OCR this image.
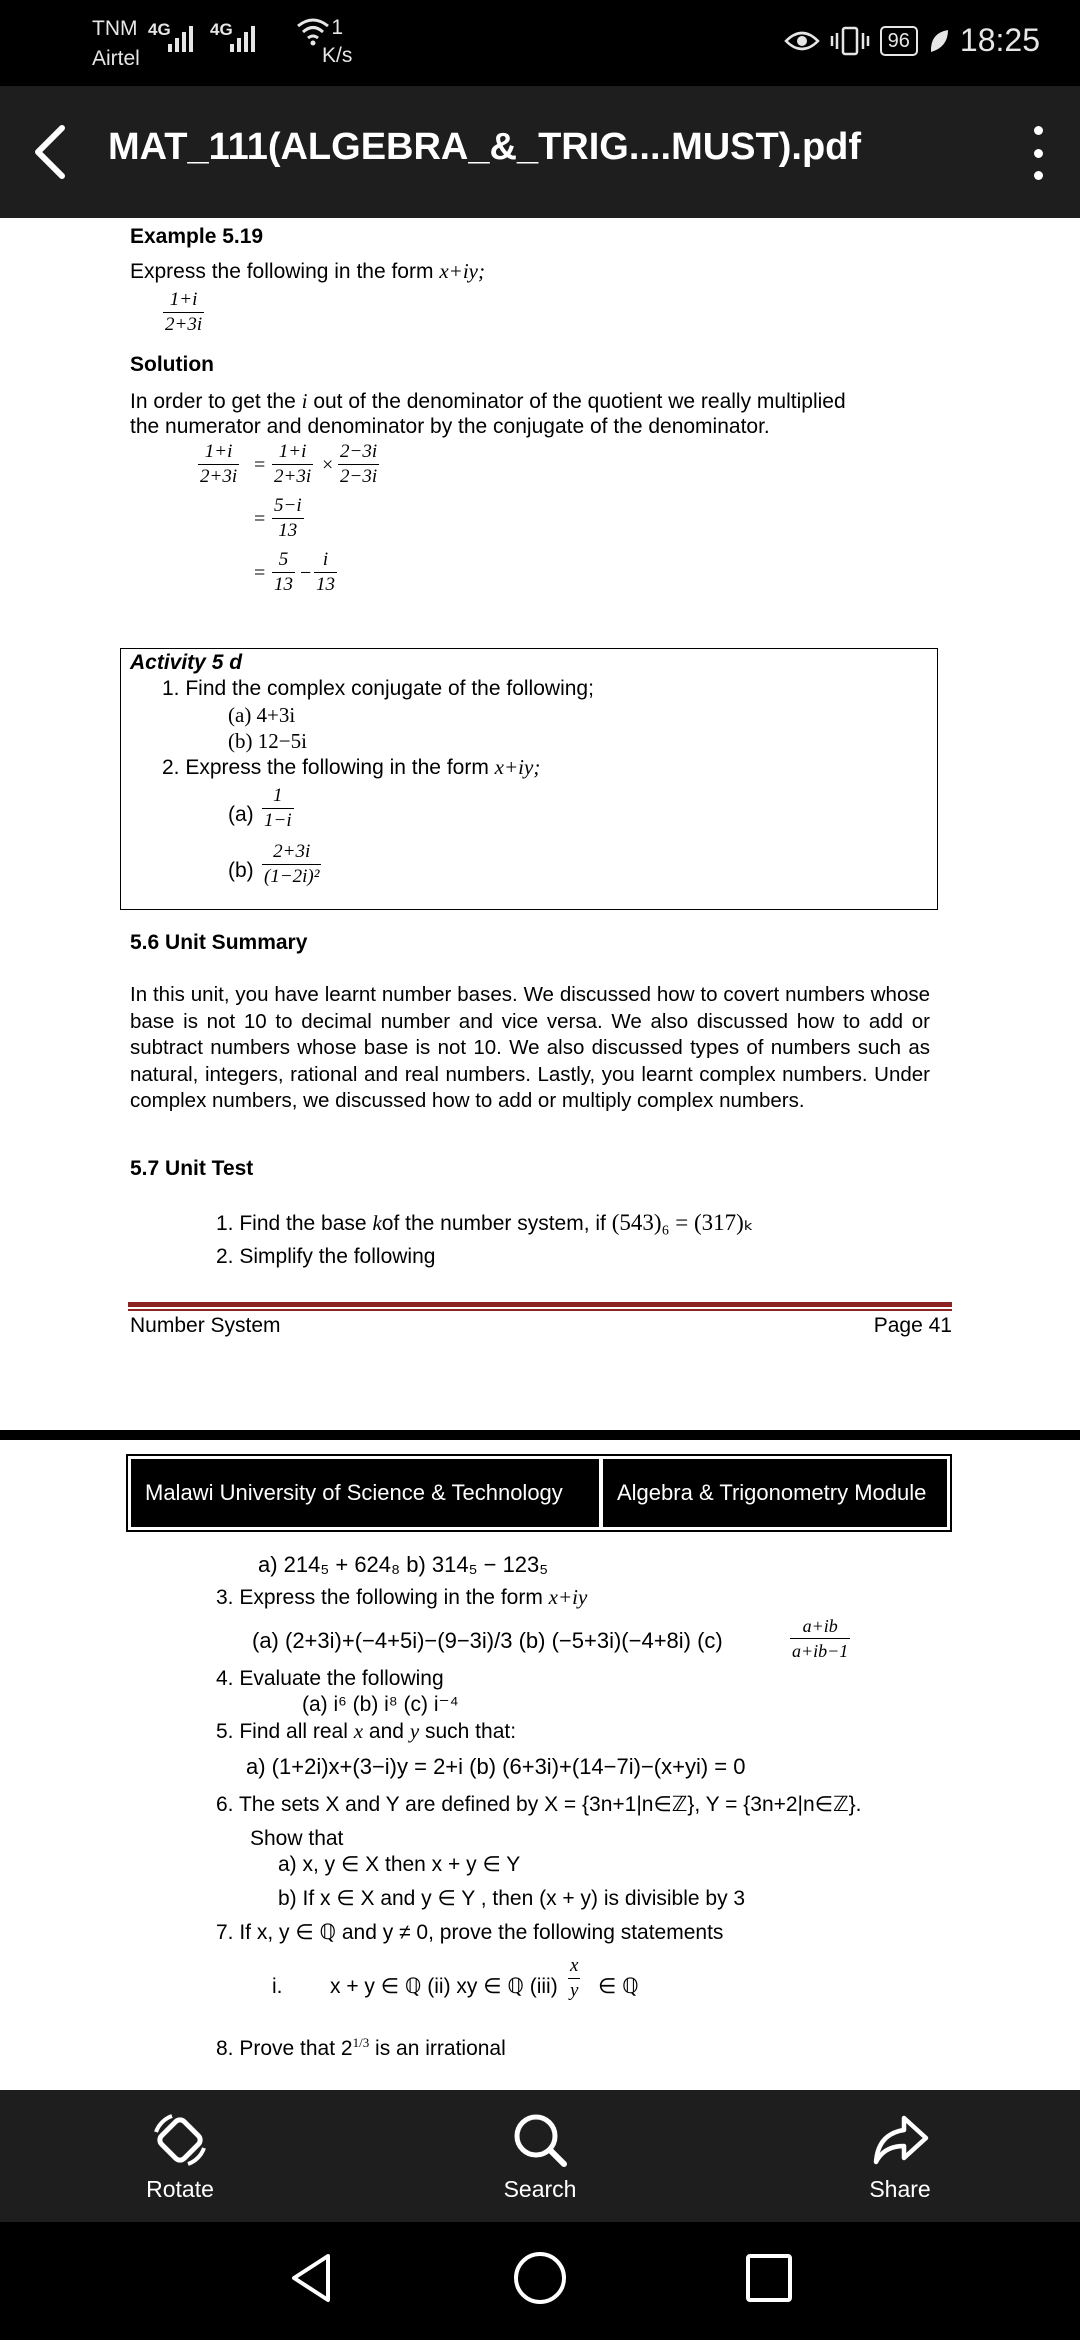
TNM
Airtel
4G 4G	1
K/s
96 18:25
MAT_111(ALGEBRA_&_TRIG....MUST).pdf
Example 5.19
Express the following in the form x+iy;
$\frac{1+i}{2+3i}$
Solution
In order to get the i out of the denominator of the quotient we really multiplied
the numerator and denominator by the conjugate of the denominator.
$\frac{1+i}{2+3i} = \frac{1+i}{2+3i} \times \frac{2-3i}{2-3i}$
= $\frac{5-i}{13}$
= $\frac{5}{13} - \frac{i}{13}$
Activity 5 d
1. Find the complex conjugate of the following;
(a) 4+3i
(b) 12−5i
2. Express the following in the form x+iy;
$(a) \frac{1}{1-i}$
$(b) \frac{2+3i}{\text{(1−2i)²}}$
5.6 Unit Summary
In this unit, you have learnt number bases. We discussed how to covert numbers whose base is not 10 to decimal number and vice versa. We also discussed how to add or subtract numbers whose base is not 10. We also discussed types of numbers such as natural, integers, rational and real numbers. Lastly, you learnt complex numbers. Under complex numbers, we discussed how to add or multiply complex numbers.
5.7 Unit Test
1. Find the base kof the number system, if (543)₆ = (317)ₖ
2. Simplify the following
Number System	Page 41
Malawi University of Science & Technology	Algebra & Trigonometry Module
a) 214₅ + 624₈ b) 314₅ − 123₅
3. Express the following in the form x+iy
(a) (2+3i)+(−4+5i)−(9−3i)/3 (b) (−5+3i)(−4+8i) (c)	$\frac{a+ib}{a+ib-1}$
4. Evaluate the following
(a) i⁶ (b) i⁸ (c) i⁻⁴
5. Find all real x and y such that:
a) (1+2i)x+(3−i)y = 2+i (b) (6+3i)+(14−7i)−(x+yi) = 0
6. The sets X and Y are defined by X = {3n+1|n∈ℤ}, Y = {3n+2|n∈ℤ}.
Show that
a) x, y ∈ X then x + y ∈ Y
b) If x ∈ X and y ∈ Y , then (x + y) is divisible by 3
7. If x, y ∈ ℚ and y ≠ 0, prove the following statements
i. x + y ∈ ℚ (ii) xy ∈ ℚ $(iii) \frac{x}{y}$ ∈ ℚ
8. Prove that $2^{1/3}$ is an irrational
Rotate	Search	Share
